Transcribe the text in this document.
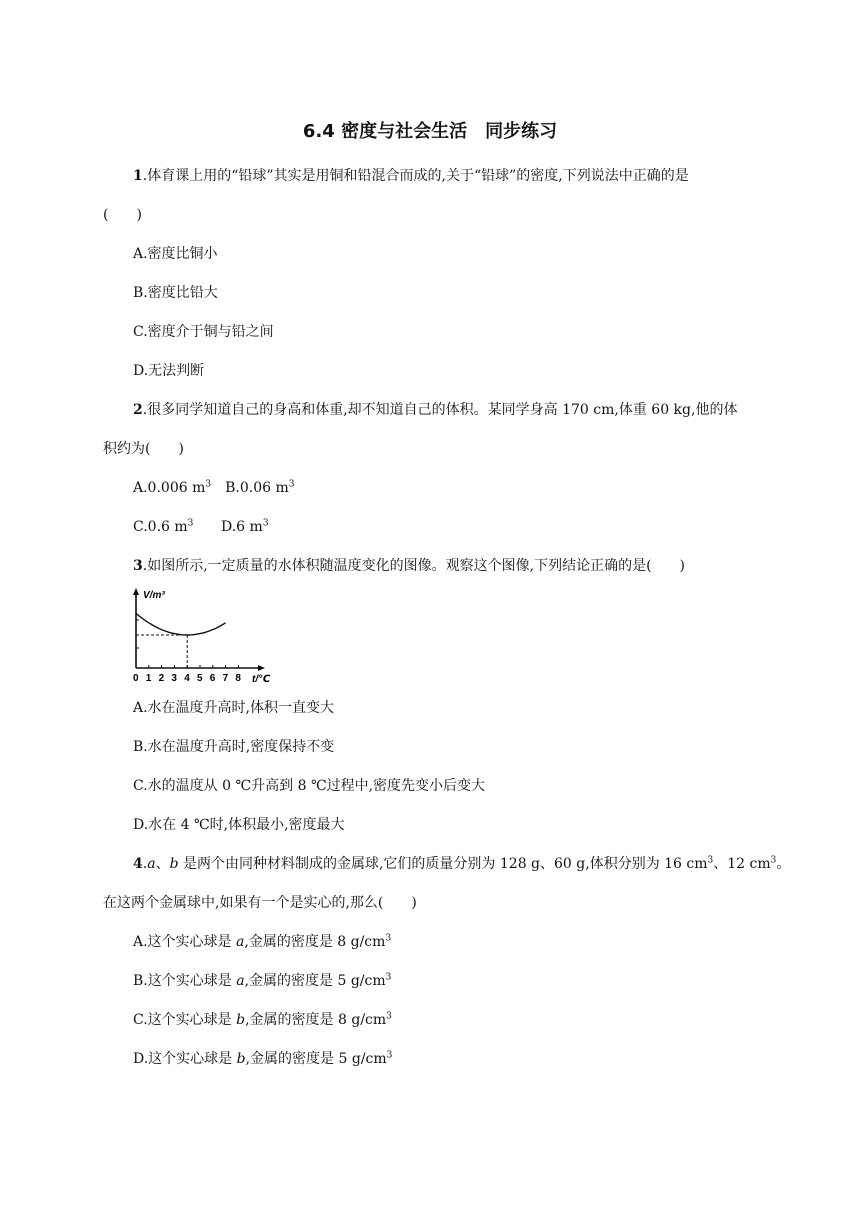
6.4 密度与社会生活　同步练习
1.体育课上用的“铅球”其实是用铜和铅混合而成的,关于“铅球”的密度,下列说法中正确的是
(　　)
A.密度比铜小
B.密度比铅大
C.密度介于铜与铅之间
D.无法判断
2.很多同学知道自己的身高和体重,却不知道自己的体积。某同学身高 170 cm,体重 60 kg,他的体
积约为(　　)
A.0.006 $m^3$ B.0.06 $m^3$
C.0.6 $m^3$ D.6 $m^3$
3.如图所示,一定质量的水体积随温度变化的图像。观察这个图像,下列结论正确的是(　　)
V/m³
0 1 2 3 4 5 6 7 8 t/℃
A.水在温度升高时,体积一直变大
B.水在温度升高时,密度保持不变
C.水的温度从 0 ℃升高到 8 ℃过程中,密度先变小后变大
D.水在 4 ℃时,体积最小,密度最大
4.a、b 是两个由同种材料制成的金属球,它们的质量分别为 128 g、60 g,体积分别为 16 $cm^3$、12 $cm^3$。
在这两个金属球中,如果有一个是实心的,那么(　　)
A.这个实心球是 a,金属的密度是 8 $g/cm^3$
B.这个实心球是 a,金属的密度是 5 $g/cm^3$
C.这个实心球是 b,金属的密度是 8 $g/cm^3$
D.这个实心球是 b,金属的密度是 5 $g/cm^3$
